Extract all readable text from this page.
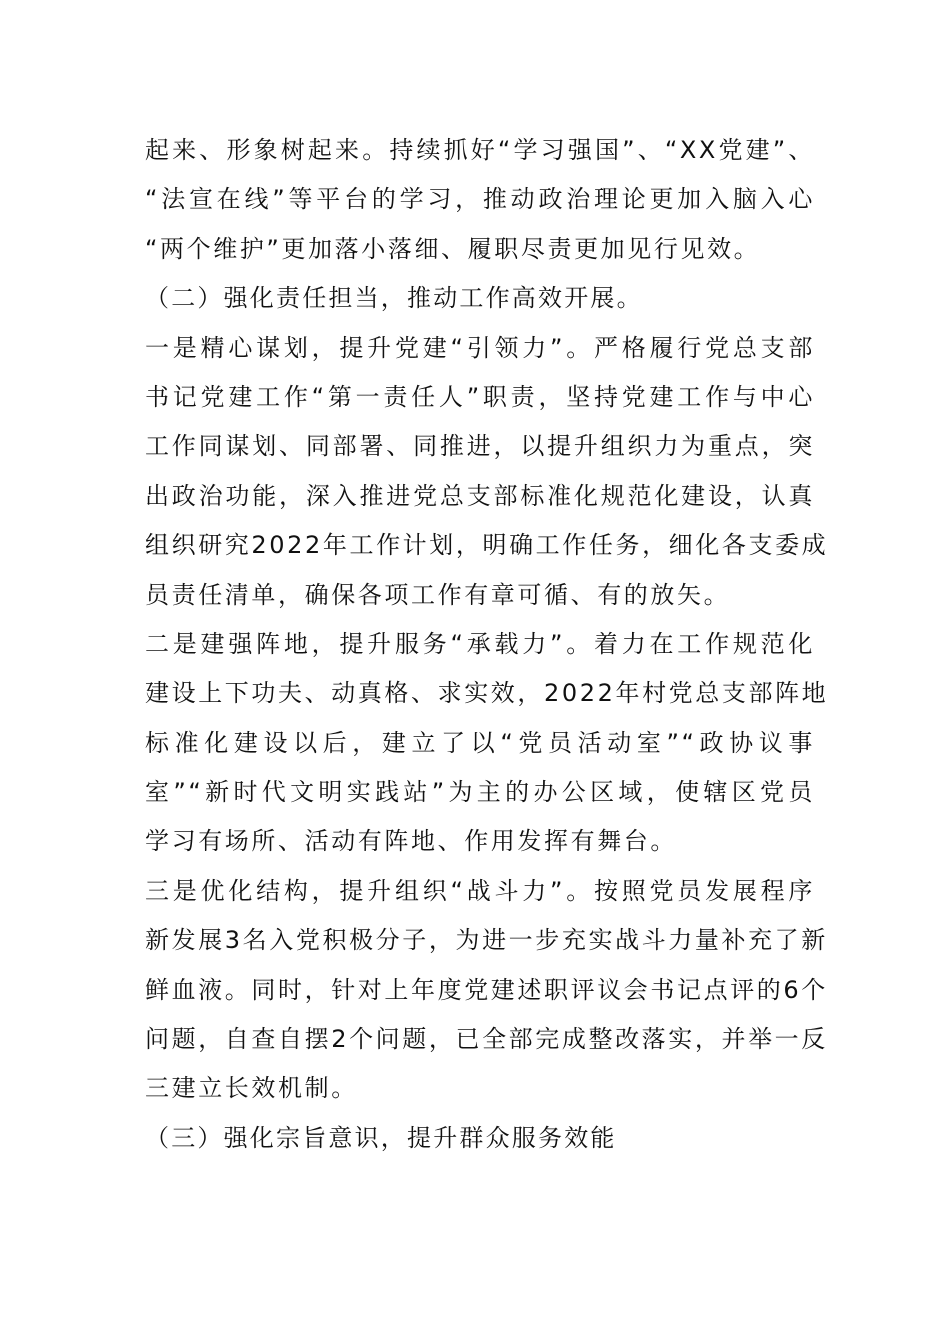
起来、形象树起来。持续抓好“学习强国”、“XX党建”、
“法宣在线”等平台的学习，推动政治理论更加入脑入心
“两个维护”更加落小落细、履职尽责更加见行见效。
（二）强化责任担当，推动工作高效开展。
一是精心谋划，提升党建“引领力”。严格履行党总支部
书记党建工作“第一责任人”职责，坚持党建工作与中心
工作同谋划、同部署、同推进，以提升组织力为重点，突
出政治功能，深入推进党总支部标准化规范化建设，认真
组织研究2022年工作计划，明确工作任务，细化各支委成
员责任清单，确保各项工作有章可循、有的放矢。
二是建强阵地，提升服务“承载力”。着力在工作规范化
建设上下功夫、动真格、求实效，2022年村党总支部阵地
标准化建设以后，建立了以“党员活动室”“政协议事
室”“新时代文明实践站”为主的办公区域，使辖区党员
学习有场所、活动有阵地、作用发挥有舞台。
三是优化结构，提升组织“战斗力”。按照党员发展程序
新发展3名入党积极分子，为进一步充实战斗力量补充了新
鲜血液。同时，针对上年度党建述职评议会书记点评的6个
问题，自查自摆2个问题，已全部完成整改落实，并举一反
三建立长效机制。
（三）强化宗旨意识，提升群众服务效能
